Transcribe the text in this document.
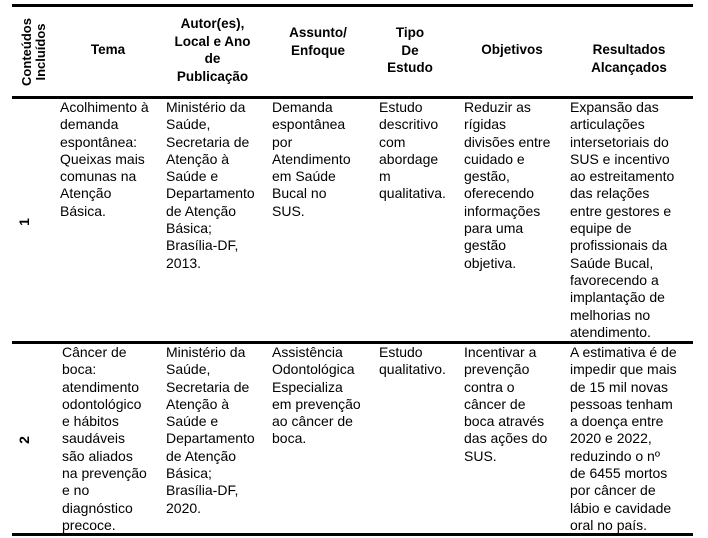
Conteúdos
Incluídos	Tema
Autor(es),
Local e Ano
de
Publicação
Assunto/
Enfoque
Tipo
De
Estudo
Objetivos	Resultados
Alcançados
1
Acolhimento à
demanda
espontânea:
Queixas mais
comunas na
Atenção
Básica.
Ministério da
Saúde,
Secretaria de
Atenção à
Saúde e
Departamento
de Atenção
Básica;
Brasília-DF,
2013.
Demanda
espontânea
por
Atendimento
em Saúde
Bucal no
SUS.
Estudo
descritivo
com
abordage
m
qualitativa.
Reduzir as
rígidas
divisões entre
cuidado e
gestão,
oferecendo
informações
para uma
gestão
objetiva.
Expansão das
articulações
intersetoriais do
SUS e incentivo
ao estreitamento
das relações
entre gestores e
equipe de
profissionais da
Saúde Bucal,
favorecendo a
implantação de
melhorias no
atendimento.
2
Câncer de
boca:
atendimento
odontológico
e hábitos
saudáveis
são aliados
na prevenção
e no
diagnóstico
precoce.
Ministério da
Saúde,
Secretaria de
Atenção à
Saúde e
Departamento
de Atenção
Básica;
Brasília-DF,
2020.
Assistência
Odontológica
Especializa
em prevenção
ao câncer de
boca.
Estudo
qualitativo.
Incentivar a
prevenção
contra o
câncer de
boca através
das ações do
SUS.
A estimativa é de
impedir que mais
de 15 mil novas
pessoas tenham
a doença entre
2020 e 2022,
reduzindo o nº
de 6455 mortos
por câncer de
lábio e cavidade
oral no país.
